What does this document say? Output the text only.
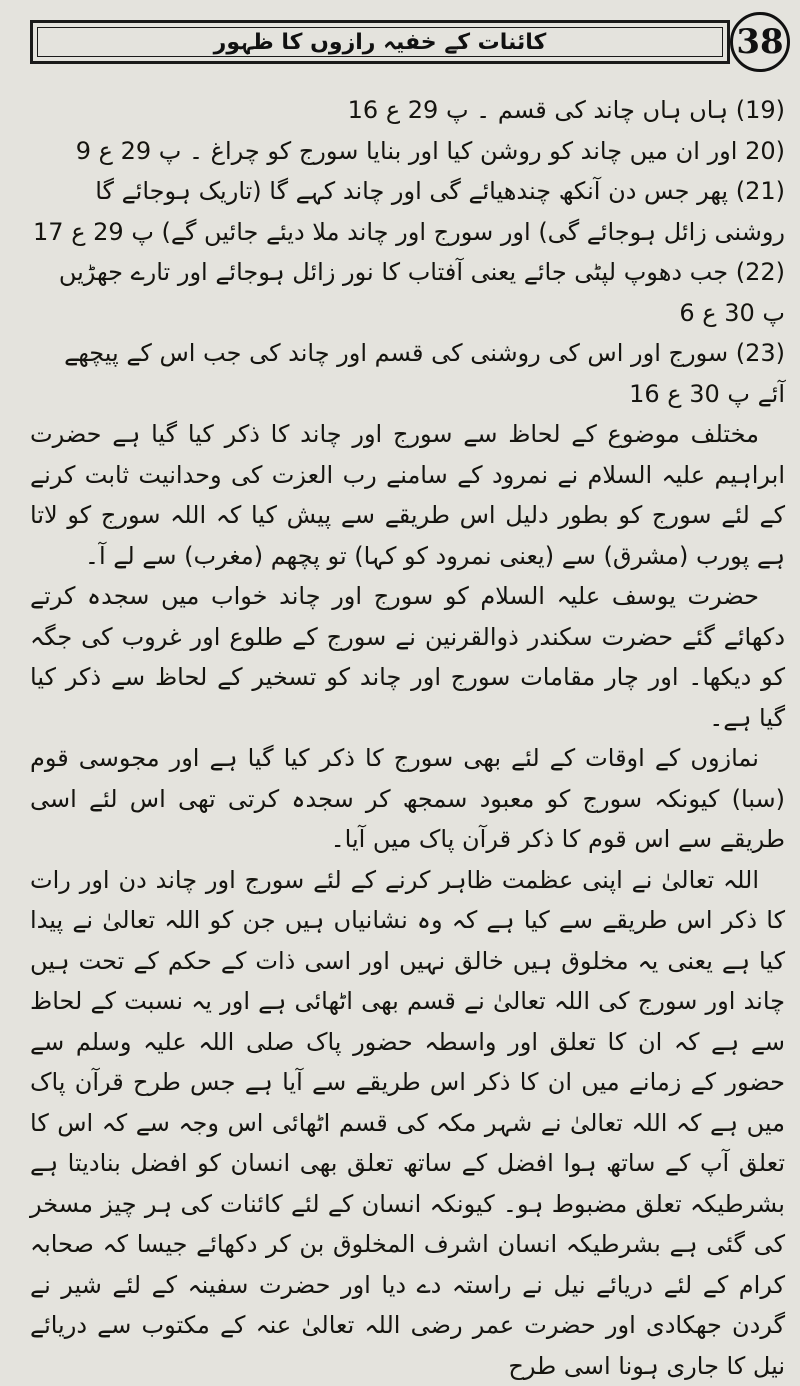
کائنات کے خفیہ رازوں کا ظہور	38

(19) ہاں ہاں چاند کی قسم ۔ پ 29 ع 16

(20 اور ان میں چاند کو روشن کیا اور بنایا سورج کو چراغ ۔ پ 29 ع 9

(21) پھر جس دن آنکھ چندھیائے گی اور چاند کہے گا (تاریک ہوجائے گا روشنی زائل ہوجائے گی) اور سورج اور چاند ملا دیئے جائیں گے) پ 29 ع 17

(22) جب دھوپ لپٹی جائے یعنی آفتاب کا نور زائل ہوجائے اور تارے جھڑیں پ 30 ع 6

(23) سورج اور اس کی روشنی کی قسم اور چاند کی جب اس کے پیچھے آئے پ 30 ع 16

مختلف موضوع کے لحاظ سے سورج اور چاند کا ذکر کیا گیا ہے حضرت ابراہیم علیہ السلام نے نمرود کے سامنے رب العزت کی وحدانیت ثابت کرنے کے لئے سورج کو بطور دلیل اس طریقے سے پیش کیا کہ اللہ سورج کو لاتا ہے پورب (مشرق) سے (یعنی نمرود کو کہا) تو پچھم (مغرب) سے لے آ۔

حضرت یوسف علیہ السلام کو سورج اور چاند خواب میں سجدہ کرتے دکھائے گئے حضرت سکندر ذوالقرنین نے سورج کے طلوع اور غروب کی جگہ کو دیکھا۔ اور چار مقامات سورج اور چاند کو تسخیر کے لحاظ سے ذکر کیا گیا ہے۔

نمازوں کے اوقات کے لئے بھی سورج کا ذکر کیا گیا ہے اور مجوسی قوم (سبا) کیونکہ سورج کو معبود سمجھ کر سجدہ کرتی تھی اس لئے اسی طریقے سے اس قوم کا ذکر قرآن پاک میں آیا۔

اللہ تعالیٰ نے اپنی عظمت ظاہر کرنے کے لئے سورج اور چاند دن اور رات کا ذکر اس طریقے سے کیا ہے کہ وہ نشانیاں ہیں جن کو اللہ تعالیٰ نے پیدا کیا ہے یعنی یہ مخلوق ہیں خالق نہیں اور اسی ذات کے حکم کے تحت ہیں چاند اور سورج کی اللہ تعالیٰ نے قسم بھی اٹھائی ہے اور یہ نسبت کے لحاظ سے ہے کہ ان کا تعلق اور واسطہ حضور پاک صلی اللہ علیہ وسلم سے حضور کے زمانے میں ان کا ذکر اس طریقے سے آیا ہے جس طرح قرآن پاک میں ہے کہ اللہ تعالیٰ نے شہر مکہ کی قسم اٹھائی اس وجہ سے کہ اس کا تعلق آپ کے ساتھ ہوا افضل کے ساتھ تعلق بھی انسان کو افضل بنادیتا ہے بشرطیکہ تعلق مضبوط ہو۔ کیونکہ انسان کے لئے کائنات کی ہر چیز مسخر کی گئی ہے بشرطیکہ انسان اشرف المخلوق بن کر دکھائے جیسا کہ صحابہ کرام کے لئے دریائے نیل نے راستہ دے دیا اور حضرت سفینہ کے لئے شیر نے گردن جھکادی اور حضرت عمر رضی اللہ تعالیٰ عنہ کے مکتوب سے دریائے نیل کا جاری ہونا اسی طرح
